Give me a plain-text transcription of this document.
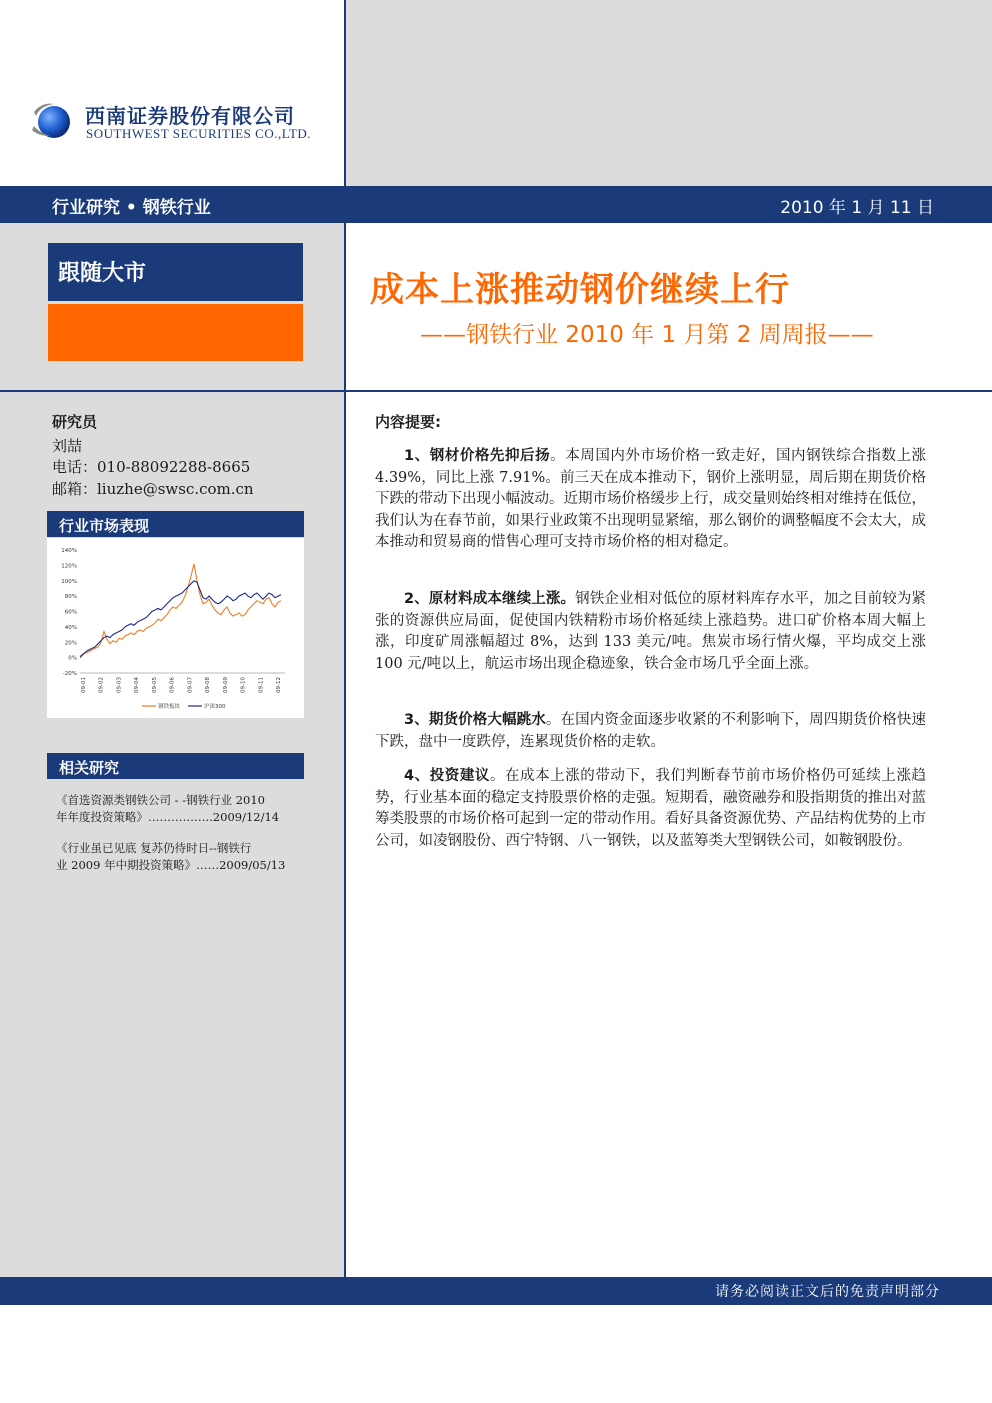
西南证券股份有限公司
SOUTHWEST SECURITIES CO.,LTD.
行业研究 • 钢铁行业	2010 年 1 月 11 日
跟随大市	成本上涨推动钢价继续上行
——钢铁行业 2010 年 1 月第 2 周周报——
研究员
刘喆
电话：010-88092288-8665
邮箱：liuzhe@swsc.com.cn
行业市场表现
140%
120%
100%
80%
60%
40%
20%
0%
-20%
09-01 09-02 09-03 09-04 09-05 09-06 09-07 09-08 09-09 09-10 09-11 09-12
钢铁板块	沪深300
相关研究
《首选资源类钢铁公司 - -钢铁行业 2010
年年度投资策略》……………..2009/12/14
《行业虽已见底 复苏仍待时日--钢铁行
业 2009 年中期投资策略》……2009/05/13
内容提要:
1、钢材价格先抑后扬。本周国内外市场价格一致走好，国内钢铁综合指数上涨 4.39%，同比上涨 7.91%。前三天在成本推动下，钢价上涨明显，周后期在期货价格下跌的带动下出现小幅波动。近期市场价格缓步上行，成交量则始终相对维持在低位，我们认为在春节前，如果行业政策不出现明显紧缩，那么钢价的调整幅度不会太大，成本推动和贸易商的惜售心理可支持市场价格的相对稳定。
2、原材料成本继续上涨。钢铁企业相对低位的原材料库存水平，加之目前较为紧张的资源供应局面，促使国内铁精粉市场价格延续上涨趋势。进口矿价格本周大幅上涨，印度矿周涨幅超过 8%，达到 133 美元/吨。焦炭市场行情火爆，平均成交上涨 100 元/吨以上，航运市场出现企稳迹象，铁合金市场几乎全面上涨。
3、期货价格大幅跳水。在国内资金面逐步收紧的不利影响下，周四期货价格快速下跌，盘中一度跌停，连累现货价格的走软。
4、投资建议。在成本上涨的带动下，我们判断春节前市场价格仍可延续上涨趋势，行业基本面的稳定支持股票价格的走强。短期看，融资融券和股指期货的推出对蓝筹类股票的市场价格可起到一定的带动作用。看好具备资源优势、产品结构优势的上市公司，如凌钢股份、西宁特钢、八一钢铁，以及蓝筹类大型钢铁公司，如鞍钢股份。
请务必阅读正文后的免责声明部分
